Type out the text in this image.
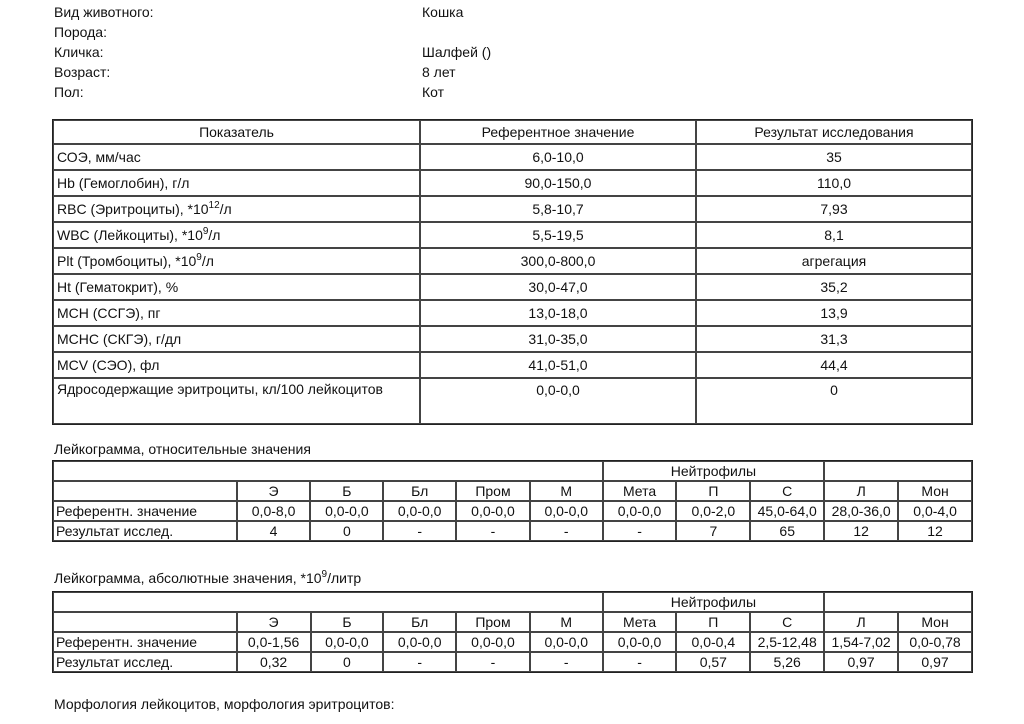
Вид животного:	Кошка
Порода:
Кличка:	Шалфей ()
Возраст:	8 лет
Пол:	Кот
Показатель	Референтное значение	Результат исследования
СОЭ, мм/час	6,0-10,0	35
Hb (Гемоглобин), г/л	90,0-150,0	110,0
RBC (Эритроциты), $*10^{12}/л$	5,8-10,7	7,93
WBC (Лейкоциты), $*10^9/л$	5,5-19,5	8,1
Plt (Тромбоциты), $*10^9/л$	300,0-800,0	агрегация
Ht (Гематокрит), %	30,0-47,0	35,2
MCH (ССГЭ), пг	13,0-18,0	13,9
MCHC (СКГЭ), г/дл	31,0-35,0	31,3
MCV (СЭО), фл	41,0-51,0	44,4
Ядросодержащие эритроциты, кл/100 лейкоцитов	0,0-0,0	0
Лейкограмма, относительные значения
						Нейтрофилы				
	Э	Б	Бл	Пром	М	Мета	П	С	Л	Мон
Референтн. значение	0,0-8,0	0,0-0,0	0,0-0,0	0,0-0,0	0,0-0,0	0,0-0,0	0,0-2,0	45,0-64,0	28,0-36,0	0,0-4,0
Результат исслед.	4	0	-	-	-	-	7	65	12	12
Лейкограмма, абсолютные значения, $*10^9$/литр
						Нейтрофилы				
	Э	Б	Бл	Пром	М	Мета	П	С	Л	Мон
Референтн. значение	0,0-1,56	0,0-0,0	0,0-0,0	0,0-0,0	0,0-0,0	0,0-0,0	0,0-0,4	2,5-12,48	1,54-7,02	0,0-0,78
Результат исслед.	0,32	0	-	-	-	-	0,57	5,26	0,97	0,97
Морфология лейкоцитов, морфология эритроцитов:
